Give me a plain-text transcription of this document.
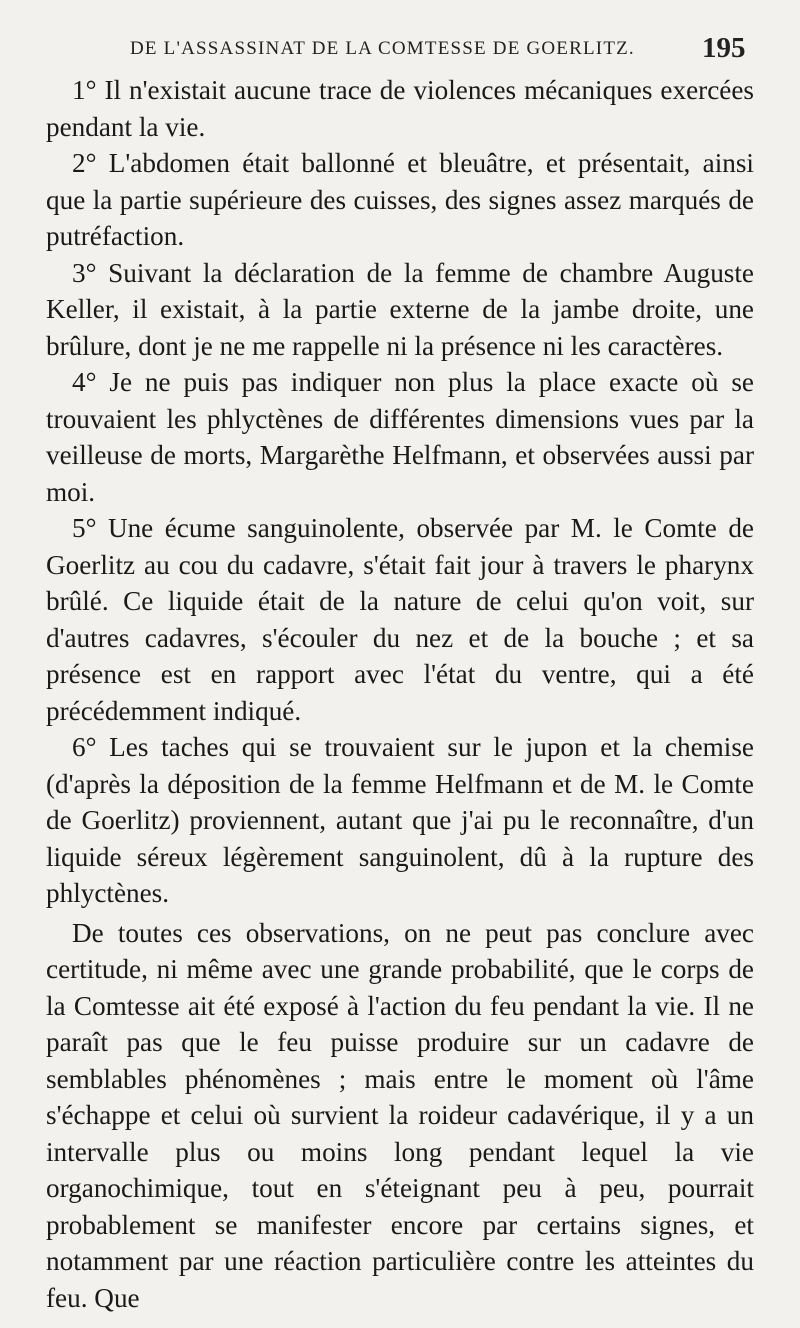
DE L'ASSASSINAT DE LA COMTESSE DE GOERLITZ. 195

1° Il n'existait aucune trace de violences mécaniques exercées pendant la vie.

2° L'abdomen était ballonné et bleuâtre, et présentait, ainsi que la partie supérieure des cuisses, des signes assez marqués de putréfaction.

3° Suivant la déclaration de la femme de chambre Auguste Keller, il existait, à la partie externe de la jambe droite, une brûlure, dont je ne me rappelle ni la présence ni les caractères.

4° Je ne puis pas indiquer non plus la place exacte où se trouvaient les phlyctènes de différentes dimensions vues par la veilleuse de morts, Margarèthe Helfmann, et observées aussi par moi.

5° Une écume sanguinolente, observée par M. le Comte de Goerlitz au cou du cadavre, s'était fait jour à travers le pharynx brûlé. Ce liquide était de la nature de celui qu'on voit, sur d'autres cadavres, s'écouler du nez et de la bouche ; et sa présence est en rapport avec l'état du ventre, qui a été précédemment indiqué.

6° Les taches qui se trouvaient sur le jupon et la chemise (d'après la déposition de la femme Helfmann et de M. le Comte de Goerlitz) proviennent, autant que j'ai pu le reconnaître, d'un liquide séreux légèrement sanguinolent, dû à la rupture des phlyctènes.

De toutes ces observations, on ne peut pas conclure avec certitude, ni même avec une grande probabilité, que le corps de la Comtesse ait été exposé à l'action du feu pendant la vie. Il ne paraît pas que le feu puisse produire sur un cadavre de semblables phénomènes ; mais entre le moment où l'âme s'échappe et celui où survient la roideur cadavérique, il y a un intervalle plus ou moins long pendant lequel la vie organochimique, tout en s'éteignant peu à peu, pourrait probablement se manifester encore par certains signes, et notamment par une réaction particulière contre les atteintes du feu. Que
